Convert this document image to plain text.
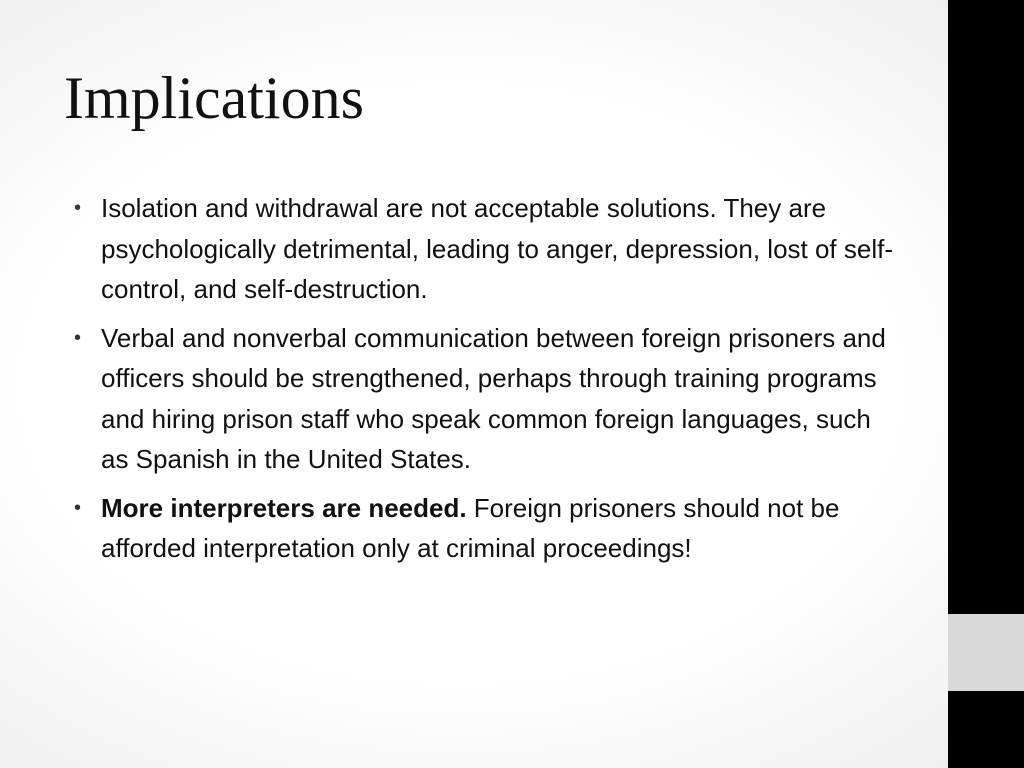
Implications
• Isolation and withdrawal are not acceptable solutions. They are psychologically detrimental, leading to anger, depression, lost of self-control, and self-destruction.
• Verbal and nonverbal communication between foreign prisoners and officers should be strengthened, perhaps through training programs and hiring prison staff who speak common foreign languages, such as Spanish in the United States.
• More interpreters are needed. Foreign prisoners should not be afforded interpretation only at criminal proceedings!
